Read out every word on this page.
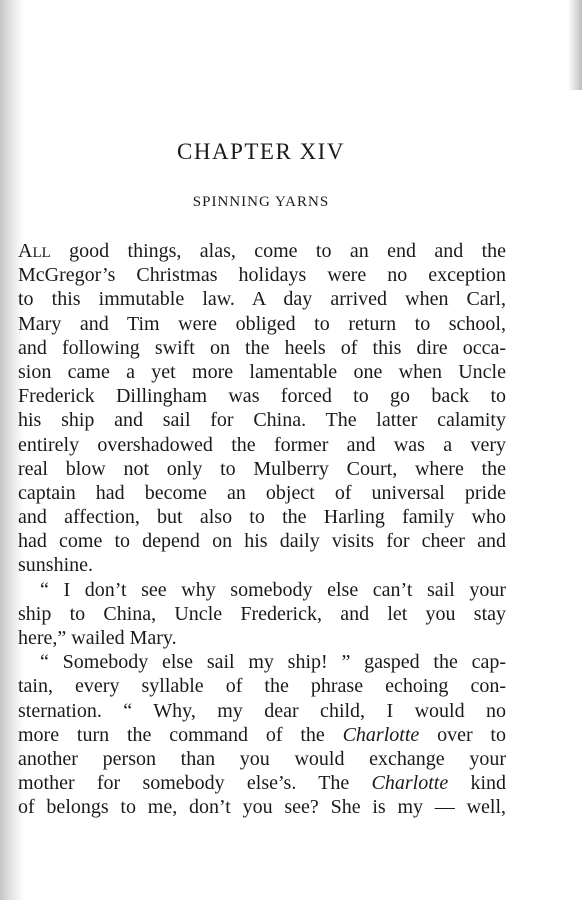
CHAPTER XIV
SPINNING YARNS
ALL good things, alas, come to an end and the
McGregor’s Christmas holidays were no exception
to this immutable law. A day arrived when Carl,
Mary and Tim were obliged to return to school,
and following swift on the heels of this dire occa-
sion came a yet more lamentable one when Uncle
Frederick Dillingham was forced to go back to
his ship and sail for China. The latter calamity
entirely overshadowed the former and was a very
real blow not only to Mulberry Court, where the
captain had become an object of universal pride
and affection, but also to the Harling family who
had come to depend on his daily visits for cheer and
sunshine.
“ I don’t see why somebody else can’t sail your
ship to China, Uncle Frederick, and let you stay
here,” wailed Mary.
“ Somebody else sail my ship! ” gasped the cap-
tain, every syllable of the phrase echoing con-
sternation. “ Why, my dear child, I would no
more turn the command of the Charlotte over to
another person than you would exchange your
mother for somebody else’s. The Charlotte kind
of belongs to me, don’t you see? She is my — well,
